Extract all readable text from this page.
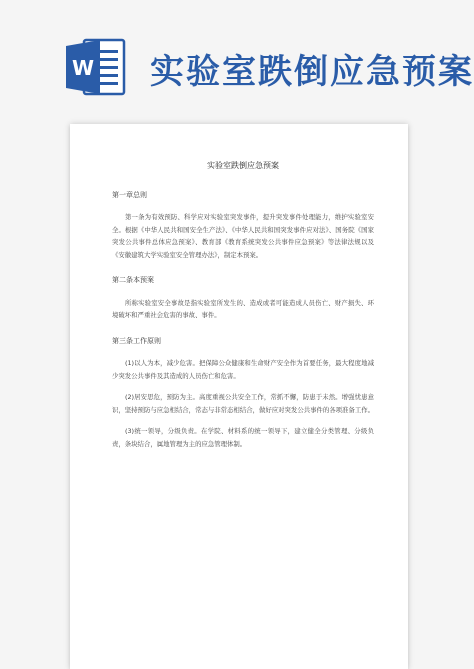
W 实验室跌倒应急预案
实验室跌倒应急预案
第一章总则
第一条为有效预防、科学应对实验室突发事件，提升突发事件处理能力，维护实验室安全。根据《中华人民共和国安全生产法》、《中华人民共和国突发事件应对法》、国务院《国家突发公共事件总体应急预案》、教育部《教育系统突发公共事件应急预案》等法律法规以及《安徽建筑大学实验室安全管理办法》，制定本预案。
第二条本预案
所称实验室安全事故是指实验室所发生的、造成或者可能造成人员伤亡、财产损失、环境破坏和严重社会危害的事故、事件。
第三条工作原则
(1)以人为本，减少危害。把保障公众健康和生命财产安全作为首要任务，最大程度地减少突发公共事件及其造成的人员伤亡和危害。
(2)居安思危，预防为主。高度重视公共安全工作，常抓不懈，防患于未然。增强忧患意识，坚持预防与应急相结合，常态与非常态相结合，做好应对突发公共事件的各项准备工作。
(3)统一领导，分级负责。在学院、材料系的统一领导下，建立健全分类管理、分级负责，条块结合，属地管理为主的应急管理体制。
